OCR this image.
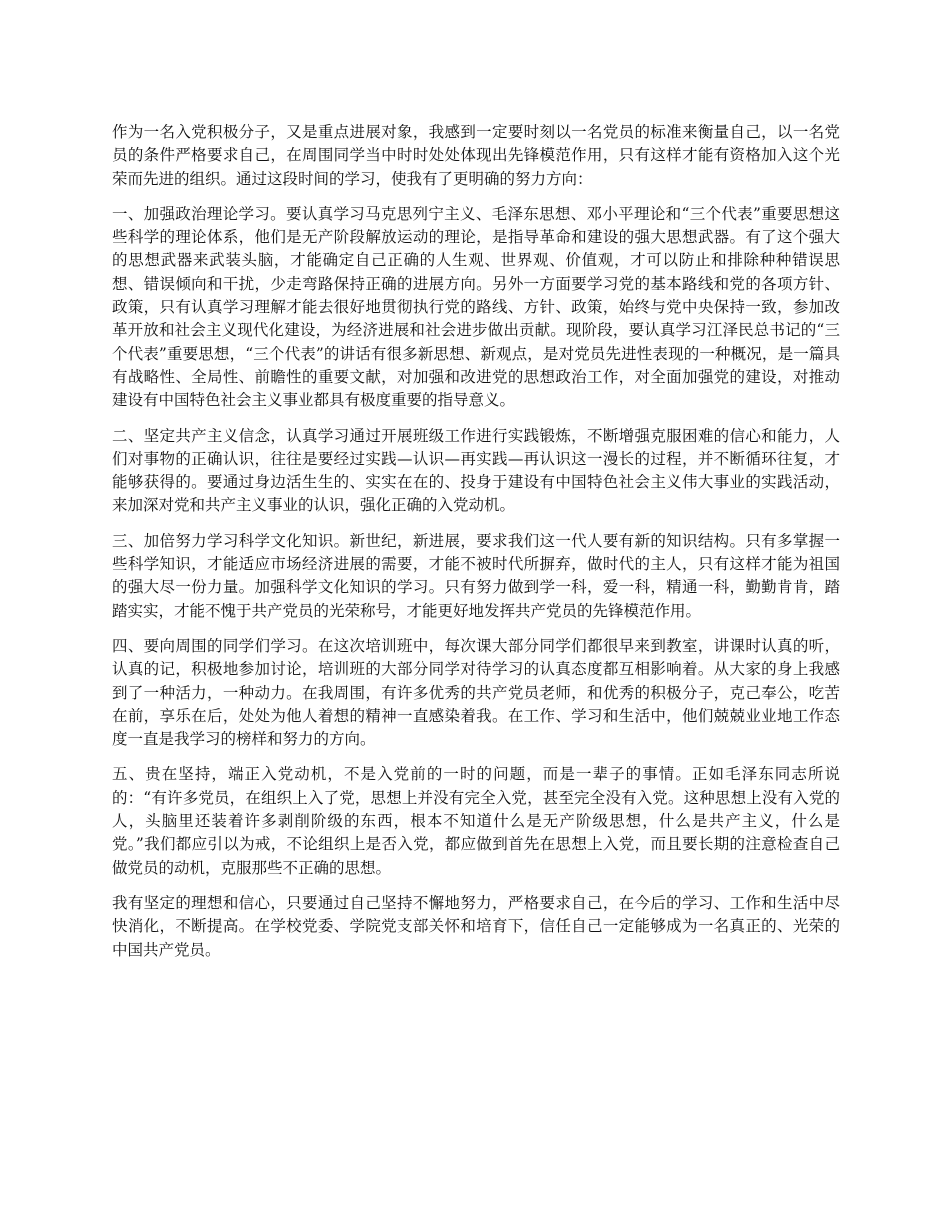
作为一名入党积极分子，又是重点进展对象，我感到一定要时刻以一名党员的标准来衡量自己，以一名党员的条件严格要求自己，在周围同学当中时时处处体现出先锋模范作用，只有这样才能有资格加入这个光荣而先进的组织。通过这段时间的学习，使我有了更明确的努力方向：

一、加强政治理论学习。要认真学习马克思列宁主义、毛泽东思想、邓小平理论和“三个代表”重要思想这些科学的理论体系，他们是无产阶段解放运动的理论，是指导革命和建设的强大思想武器。有了这个强大的思想武器来武装头脑，才能确定自己正确的人生观、世界观、价值观，才可以防止和排除种种错误思想、错误倾向和干扰，少走弯路保持正确的进展方向。另外一方面要学习党的基本路线和党的各项方针、政策，只有认真学习理解才能去很好地贯彻执行党的路线、方针、政策，始终与党中央保持一致，参加改革开放和社会主义现代化建设，为经济进展和社会进步做出贡献。现阶段，要认真学习江泽民总书记的“三个代表”重要思想，“三个代表”的讲话有很多新思想、新观点，是对党员先进性表现的一种概况，是一篇具有战略性、全局性、前瞻性的重要文献，对加强和改进党的思想政治工作，对全面加强党的建设，对推动建设有中国特色社会主义事业都具有极度重要的指导意义。

二、坚定共产主义信念，认真学习通过开展班级工作进行实践锻炼，不断增强克服困难的信心和能力，人们对事物的正确认识，往往是要经过实践—认识—再实践—再认识这一漫长的过程，并不断循环往复，才能够获得的。要通过身边活生生的、实实在在的、投身于建设有中国特色社会主义伟大事业的实践活动，来加深对党和共产主义事业的认识，强化正确的入党动机。

三、加倍努力学习科学文化知识。新世纪，新进展，要求我们这一代人要有新的知识结构。只有多掌握一些科学知识，才能适应市场经济进展的需要，才能不被时代所摒弃，做时代的主人，只有这样才能为祖国的强大尽一份力量。加强科学文化知识的学习。只有努力做到学一科，爱一科，精通一科，勤勤肯肯，踏踏实实，才能不愧于共产党员的光荣称号，才能更好地发挥共产党员的先锋模范作用。

四、要向周围的同学们学习。在这次培训班中，每次课大部分同学们都很早来到教室，讲课时认真的听，认真的记，积极地参加讨论，培训班的大部分同学对待学习的认真态度都互相影响着。从大家的身上我感到了一种活力，一种动力。在我周围，有许多优秀的共产党员老师，和优秀的积极分子，克己奉公，吃苦在前，享乐在后，处处为他人着想的精神一直感染着我。在工作、学习和生活中，他们兢兢业业地工作态度一直是我学习的榜样和努力的方向。

五、贵在坚持，端正入党动机，不是入党前的一时的问题，而是一辈子的事情。正如毛泽东同志所说的：“有许多党员，在组织上入了党，思想上并没有完全入党，甚至完全没有入党。这种思想上没有入党的人，头脑里还装着许多剥削阶级的东西，根本不知道什么是无产阶级思想，什么是共产主义，什么是党。”我们都应引以为戒，不论组织上是否入党，都应做到首先在思想上入党，而且要长期的注意检查自己做党员的动机，克服那些不正确的思想。

我有坚定的理想和信心，只要通过自己坚持不懈地努力，严格要求自己，在今后的学习、工作和生活中尽快消化，不断提高。在学校党委、学院党支部关怀和培育下，信任自己一定能够成为一名真正的、光荣的中国共产党员。
